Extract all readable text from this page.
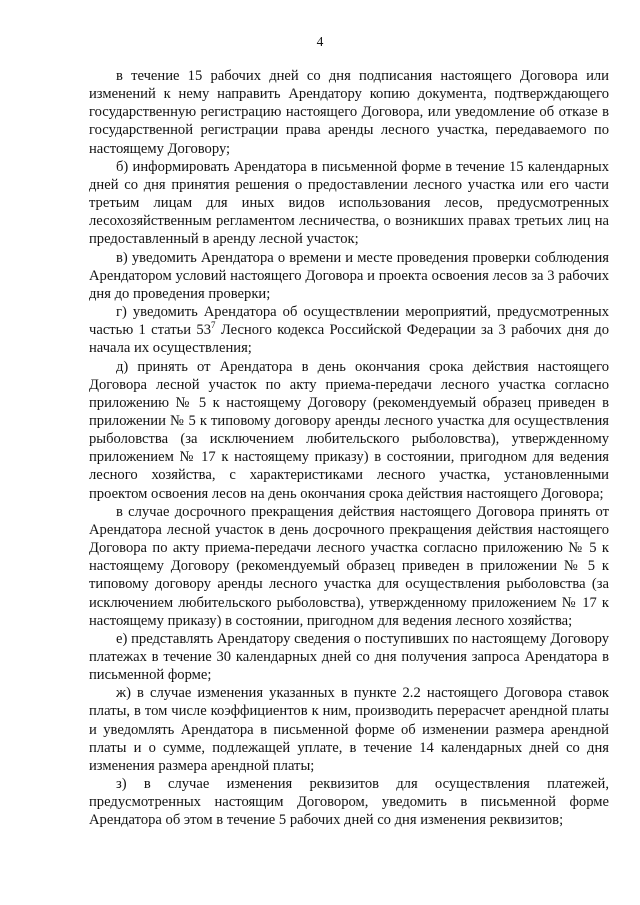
4

в течение 15 рабочих дней со дня подписания настоящего Договора или изменений к нему направить Арендатору копию документа, подтверждающего государственную регистрацию настоящего Договора, или уведомление об отказе в государственной регистрации права аренды лесного участка, передаваемого по настоящему Договору;

б) информировать Арендатора в письменной форме в течение 15 календарных дней со дня принятия решения о предоставлении лесного участка или его части третьим лицам для иных видов использования лесов, предусмотренных лесохозяйственным регламентом лесничества, о возникших правах третьих лиц на предоставленный в аренду лесной участок;

в) уведомить Арендатора о времени и месте проведения проверки соблюдения Арендатором условий настоящего Договора и проекта освоения лесов за 3 рабочих дня до проведения проверки;

г) уведомить Арендатора об осуществлении мероприятий, предусмотренных частью 1 статьи $53^7$ Лесного кодекса Российской Федерации за 3 рабочих дня до начала их осуществления;

д) принять от Арендатора в день окончания срока действия настоящего Договора лесной участок по акту приема-передачи лесного участка согласно приложению № 5 к настоящему Договору (рекомендуемый образец приведен в приложении № 5 к типовому договору аренды лесного участка для осуществления рыболовства (за исключением любительского рыболовства), утвержденному приложением № 17 к настоящему приказу) в состоянии, пригодном для ведения лесного хозяйства, с характеристиками лесного участка, установленными проектом освоения лесов на день окончания срока действия настоящего Договора;

в случае досрочного прекращения действия настоящего Договора принять от Арендатора лесной участок в день досрочного прекращения действия настоящего Договора по акту приема-передачи лесного участка согласно приложению № 5 к настоящему Договору (рекомендуемый образец приведен в приложении № 5 к типовому договору аренды лесного участка для осуществления рыболовства (за исключением любительского рыболовства), утвержденному приложением № 17 к настоящему приказу) в состоянии, пригодном для ведения лесного хозяйства;

е) представлять Арендатору сведения о поступивших по настоящему Договору платежах в течение 30 календарных дней со дня получения запроса Арендатора в письменной форме;

ж) в случае изменения указанных в пункте 2.2 настоящего Договора ставок платы, в том числе коэффициентов к ним, производить перерасчет арендной платы и уведомлять Арендатора в письменной форме об изменении размера арендной платы и о сумме, подлежащей уплате, в течение 14 календарных дней со дня изменения размера арендной платы;

з) в случае изменения реквизитов для осуществления платежей, предусмотренных настоящим Договором, уведомить в письменной форме Арендатора об этом в течение 5 рабочих дней со дня изменения реквизитов;
